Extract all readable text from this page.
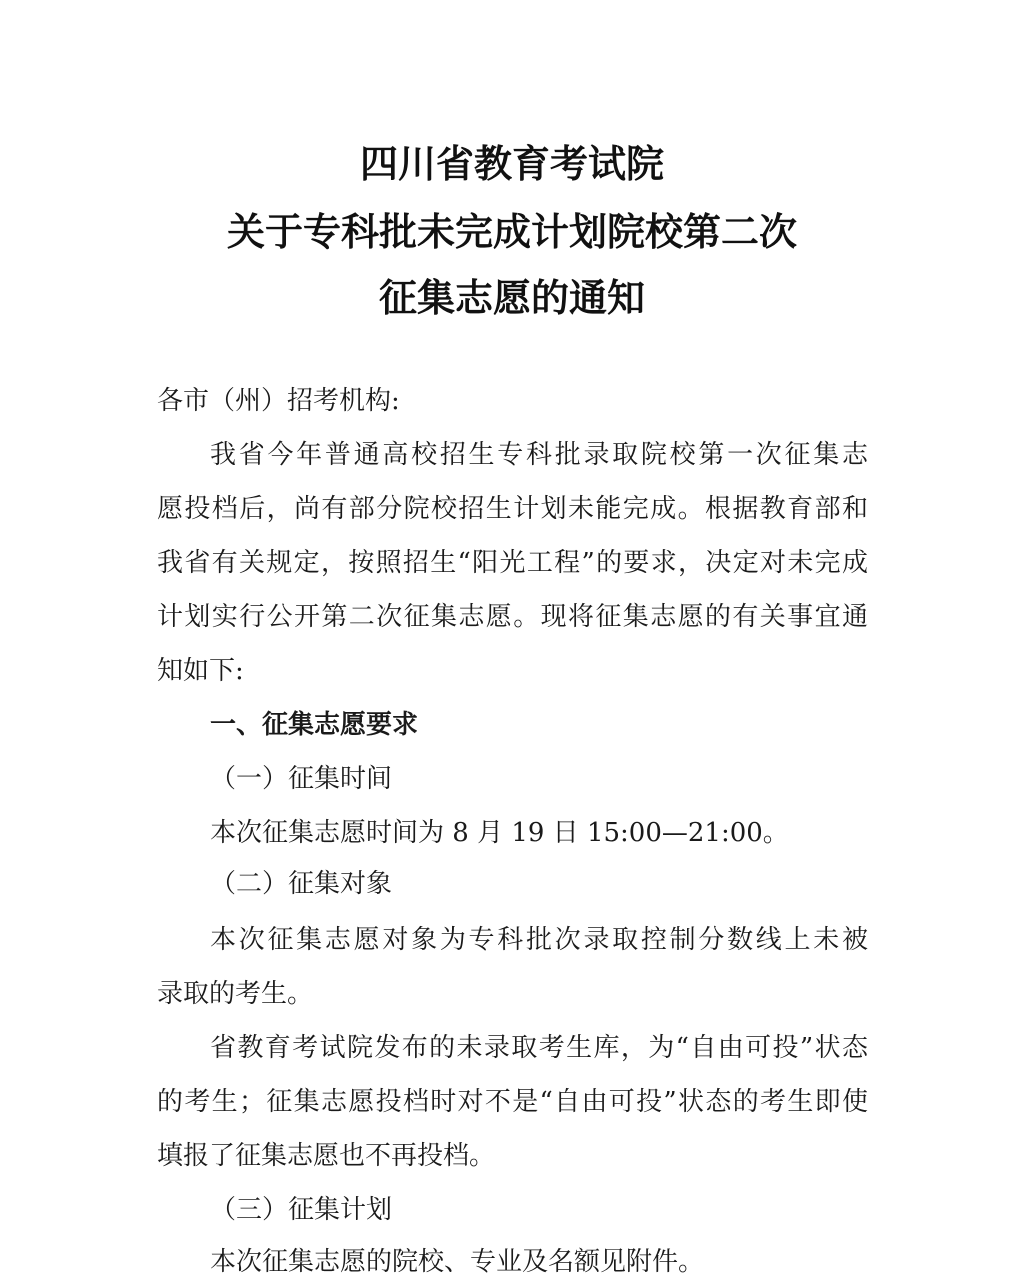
四川省教育考试院
关于专科批未完成计划院校第二次
征集志愿的通知
各市（州）招考机构:
我省今年普通高校招生专科批录取院校第一次征集志
愿投档后，尚有部分院校招生计划未能完成。根据教育部和
我省有关规定，按照招生“阳光工程”的要求，决定对未完成
计划实行公开第二次征集志愿。现将征集志愿的有关事宜通
知如下:
一、征集志愿要求
（一）征集时间
本次征集志愿时间为 8 月 19 日 15:00—21:00。
（二）征集对象
本次征集志愿对象为专科批次录取控制分数线上未被
录取的考生。
省教育考试院发布的未录取考生库，为“自由可投”状态
的考生；征集志愿投档时对不是“自由可投”状态的考生即使
填报了征集志愿也不再投档。
（三）征集计划
本次征集志愿的院校、专业及名额见附件。
